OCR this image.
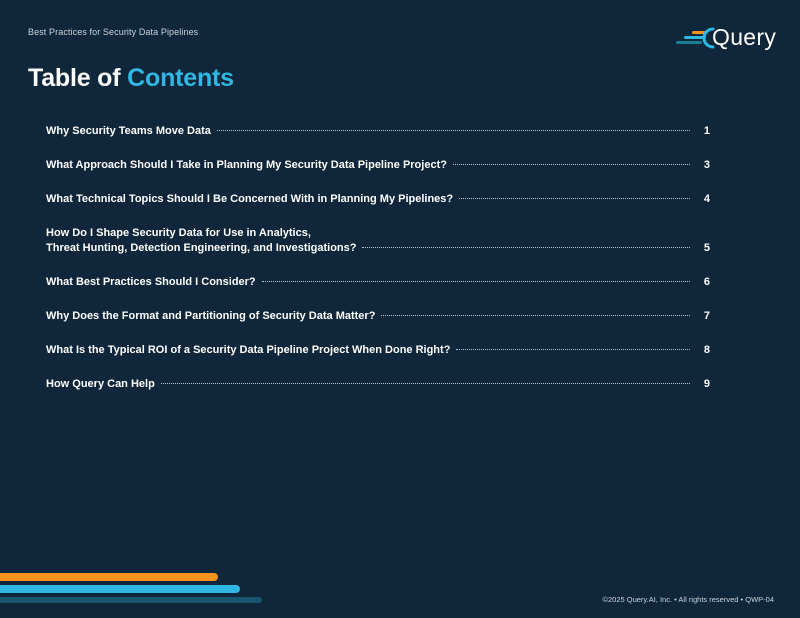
Best Practices for Security Data Pipelines	Query
Table of Contents
Why Security Teams Move Data	1
What Approach Should I Take in Planning My Security Data Pipeline Project?	3
What Technical Topics Should I Be Concerned With in Planning My Pipelines?	4
How Do I Shape Security Data for Use in Analytics,
Threat Hunting, Detection Engineering, and Investigations?	5
What Best Practices Should I Consider?	6
Why Does the Format and Partitioning of Security Data Matter?	7
What Is the Typical ROI of a Security Data Pipeline Project When Done Right?	8
How Query Can Help	9
©2025 Query.AI, Inc. • All rights reserved • QWP-04
